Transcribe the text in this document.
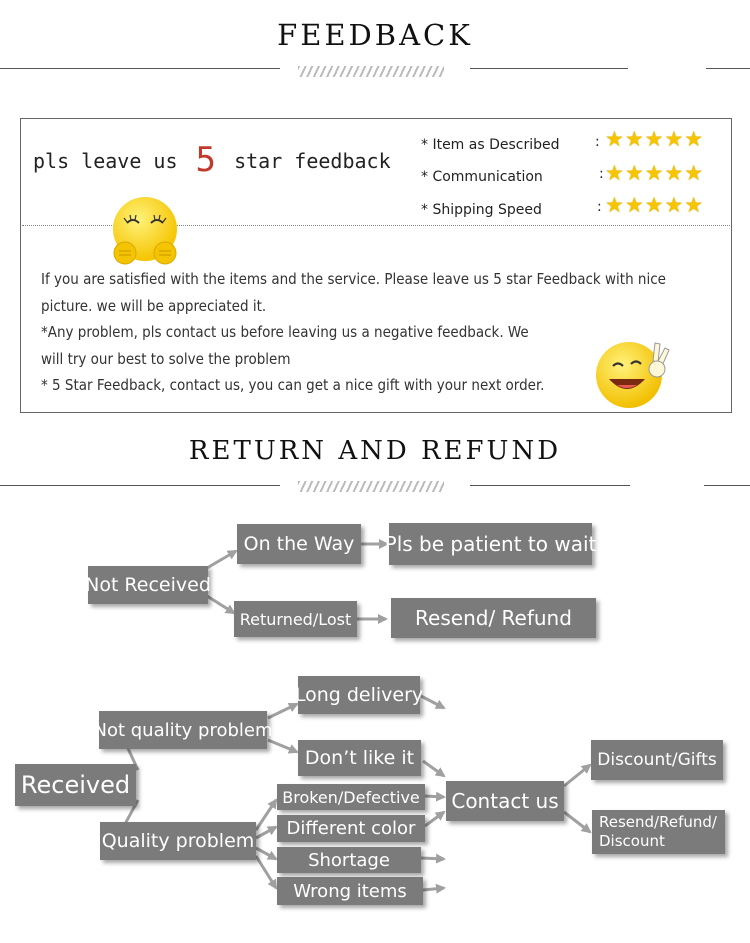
FEEDBACK
pls leave us 5 star feedback
* Item as Described	: ★★★★★
* Communication	: ★★★★★
* Shipping Speed	: ★★★★★
If you are satisfied with the items and the service. Please leave us 5 star Feedback with nice
picture. we will be appreciated it.
*Any problem, pls contact us before leaving us a negative feedback. We
will try our best to solve the problem
* 5 Star Feedback, contact us, you can get a nice gift with your next order.
RETURN AND REFUND
Not Received
On the Way	Pls be patient to wait
Returned/Lost	Resend/ Refund
Received
Not quality problem
Long delivery
Don’t like it
Quality problem
Broken/Defective
Different color
Shortage
Wrong items
Contact us
Discount/Gifts
Resend/Refund/
Discount
